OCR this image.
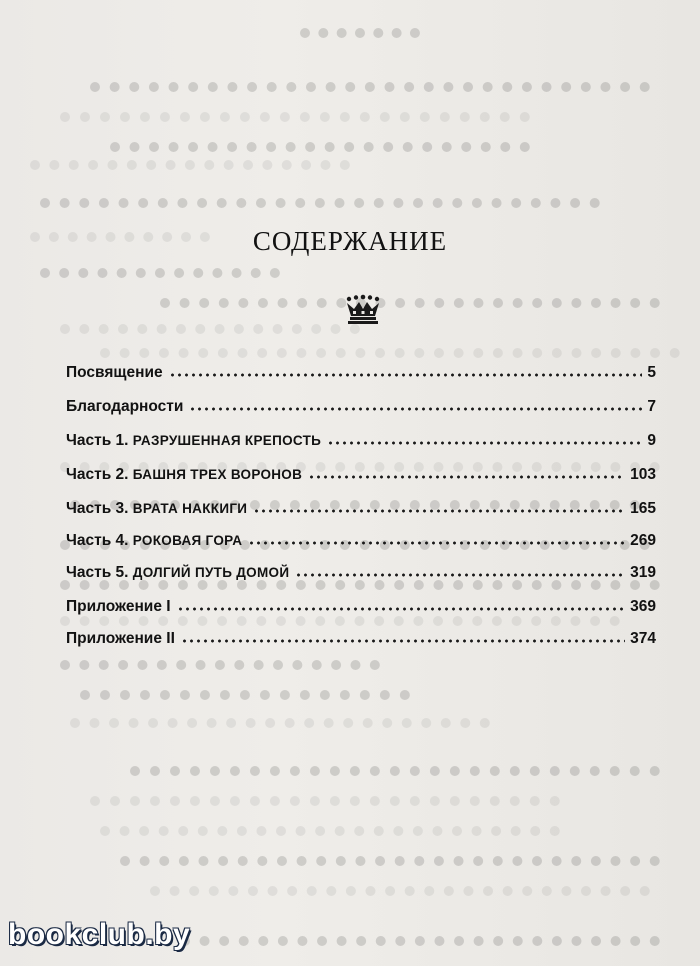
СОДЕРЖАНИЕ
Посвящение	5
Благодарности	7
Часть 1. РАЗРУШЕННАЯ КРЕПОСТЬ	9
Часть 2. БАШНЯ ТРЕХ ВОРОНОВ	103
Часть 3. ВРАТА НАККИГИ	165
Часть 4. РОКОВАЯ ГОРА	269
Часть 5. ДОЛГИЙ ПУТЬ ДОМОЙ	319
Приложение I	369
Приложение II	374
bookclub.by
